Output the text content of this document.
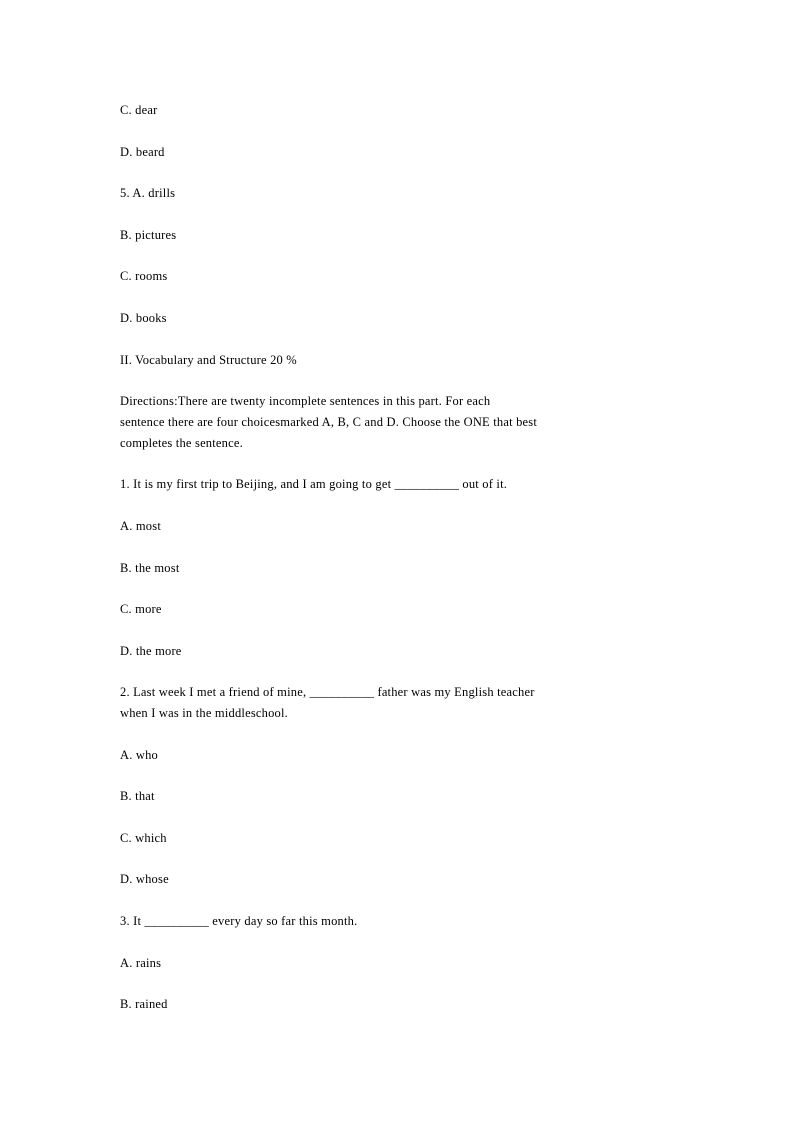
C. dear

D. beard

5. A. drills

B. pictures

C. rooms

D. books

II. Vocabulary and Structure 20 %

Directions:There are twenty incomplete sentences in this part. For each

sentence there are four choicesmarked A, B, C and D. Choose the ONE that best

completes the sentence.

1. It is my first trip to Beijing, and I am going to get __________ out of it.

A. most

B. the most

C. more

D. the more

2. Last week I met a friend of mine, __________ father was my English teacher

when I was in the middleschool.

A. who

B. that

C. which

D. whose

3. It __________ every day so far this month.

A. rains

B. rained
